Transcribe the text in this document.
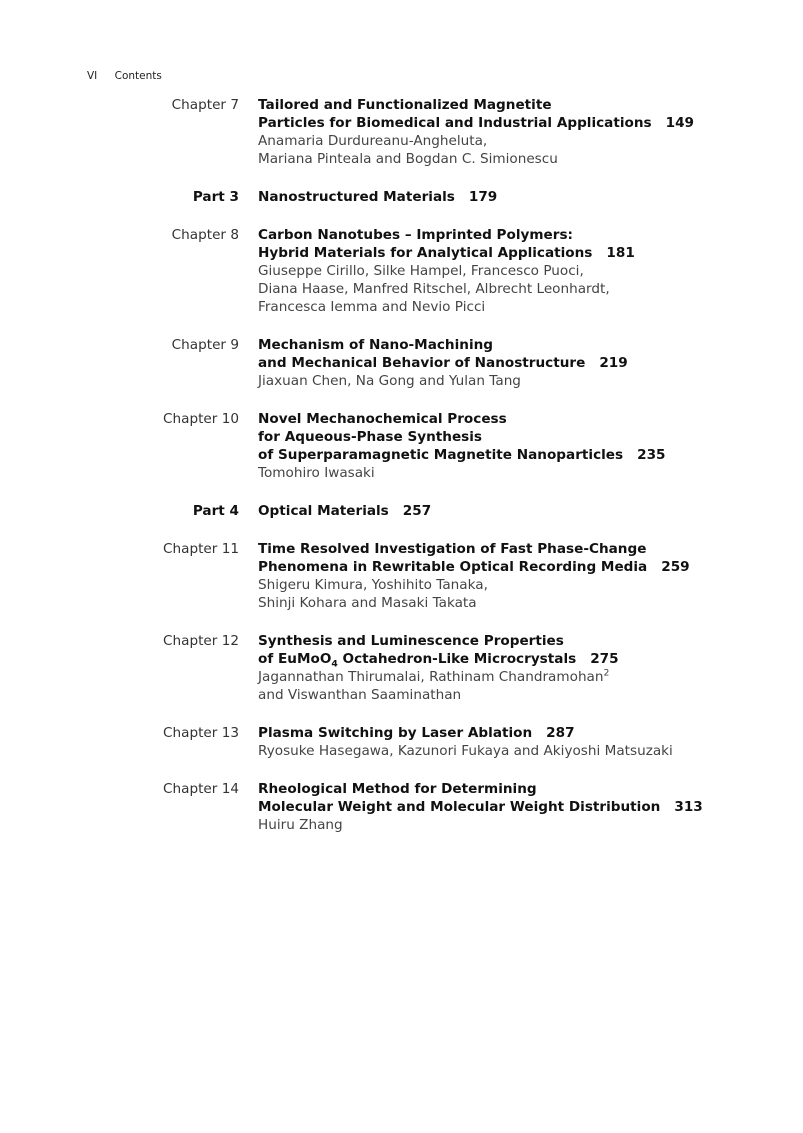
VI Contents
Chapter 7 Tailored and Functionalized Magnetite
Particles for Biomedical and Industrial Applications 149
Anamaria Durdureanu-Angheluta,
Mariana Pinteala and Bogdan C. Simionescu
Part 3 Nanostructured Materials 179
Chapter 8 Carbon Nanotubes – Imprinted Polymers:
Hybrid Materials for Analytical Applications 181
Giuseppe Cirillo, Silke Hampel, Francesco Puoci,
Diana Haase, Manfred Ritschel, Albrecht Leonhardt,
Francesca Iemma and Nevio Picci
Chapter 9 Mechanism of Nano-Machining
and Mechanical Behavior of Nanostructure 219
Jiaxuan Chen, Na Gong and Yulan Tang
Chapter 10 Novel Mechanochemical Process
for Aqueous-Phase Synthesis
of Superparamagnetic Magnetite Nanoparticles 235
Tomohiro Iwasaki
Part 4 Optical Materials 257
Chapter 11 Time Resolved Investigation of Fast Phase-Change
Phenomena in Rewritable Optical Recording Media 259
Shigeru Kimura, Yoshihito Tanaka,
Shinji Kohara and Masaki Takata
Chapter 12 Synthesis and Luminescence Properties
of EuMoO$_4$ Octahedron-Like Microcrystals 275
Jagannathan Thirumalai, Rathinam Chandramohan$^2$
and Viswanthan Saaminathan
Chapter 13 Plasma Switching by Laser Ablation 287
Ryosuke Hasegawa, Kazunori Fukaya and Akiyoshi Matsuzaki
Chapter 14 Rheological Method for Determining
Molecular Weight and Molecular Weight Distribution 313
Huiru Zhang
